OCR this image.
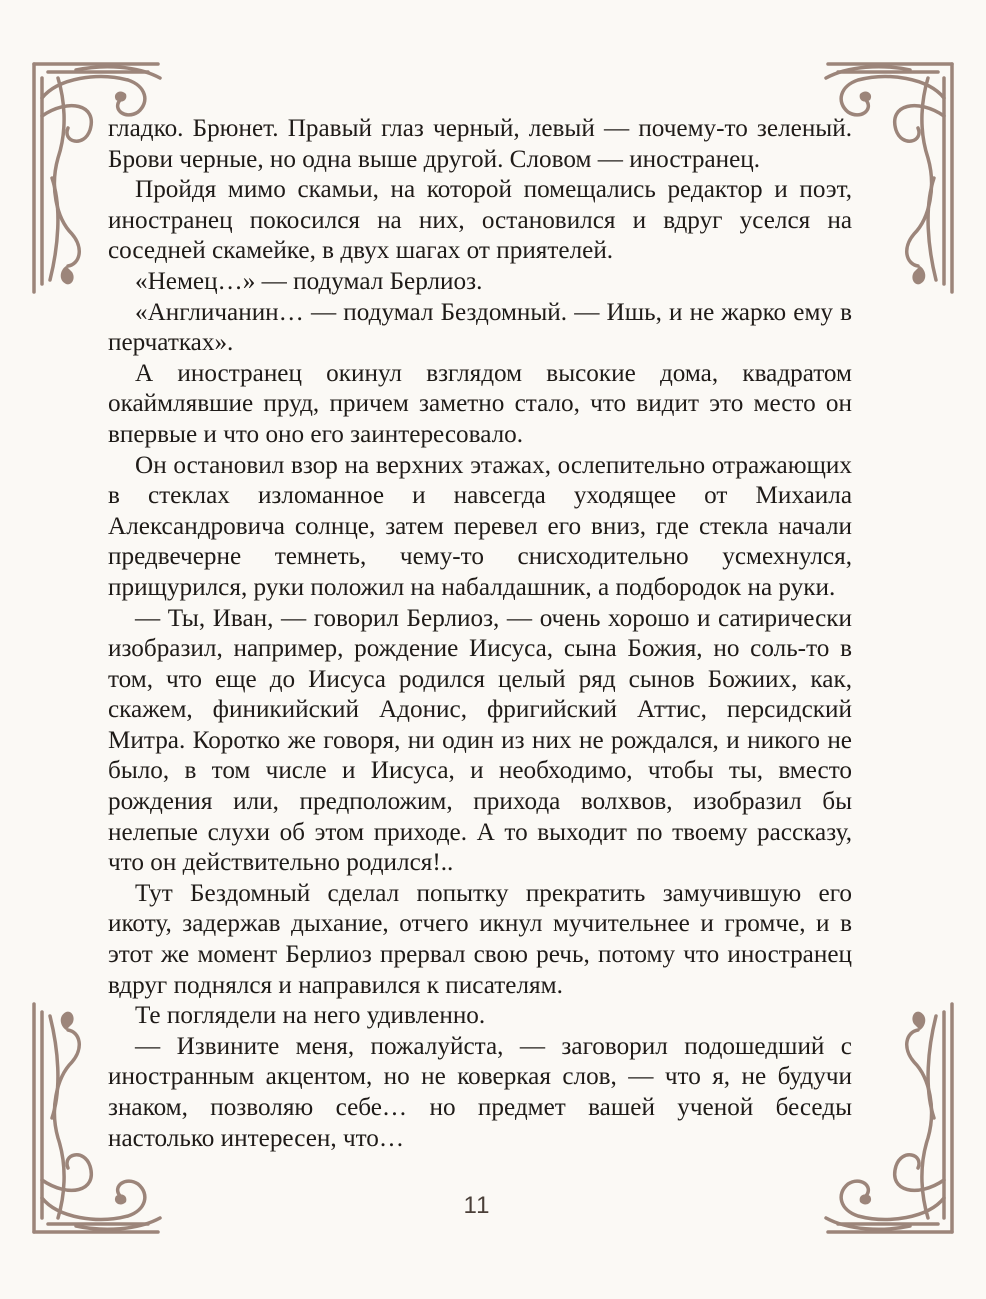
гладко. Брюнет. Правый глаз черный, левый — почему-то зеленый. Брови черные, но одна выше другой. Словом — иностранец.

Пройдя мимо скамьи, на которой помещались редактор и поэт, иностранец покосился на них, остановился и вдруг уселся на соседней скамейке, в двух шагах от приятелей.

«Немец…» — подумал Берлиоз.

«Англичанин… — подумал Бездомный. — Ишь, и не жарко ему в перчатках».

А иностранец окинул взглядом высокие дома, квадратом окаймлявшие пруд, причем заметно стало, что видит это место он впервые и что оно его заинтересовало.

Он остановил взор на верхних этажах, ослепительно отражающих в стеклах изломанное и навсегда уходящее от Михаила Александровича солнце, затем перевел его вниз, где стекла начали предвечерне темнеть, чему-то снисходительно усмехнулся, прищурился, руки положил на набалдашник, а подбородок на руки.

— Ты, Иван, — говорил Берлиоз, — очень хорошо и сатирически изобразил, например, рождение Иисуса, сына Божия, но соль-то в том, что еще до Иисуса родился целый ряд сынов Божиих, как, скажем, финикийский Адонис, фригийский Аттис, персидский Митра. Коротко же говоря, ни один из них не рождался, и никого не было, в том числе и Иисуса, и необходимо, чтобы ты, вместо рождения или, предположим, прихода волхвов, изобразил бы нелепые слухи об этом приходе. А то выходит по твоему рассказу, что он действительно родился!..

Тут Бездомный сделал попытку прекратить замучившую его икоту, задержав дыхание, отчего икнул мучительнее и громче, и в этот же момент Берлиоз прервал свою речь, потому что иностранец вдруг поднялся и направился к писателям.

Те поглядели на него удивленно.

— Извините меня, пожалуйста, — заговорил подошедший с иностранным акцентом, но не коверкая слов, — что я, не будучи знаком, позволяю себе… но предмет вашей ученой беседы настолько интересен, что…

11
